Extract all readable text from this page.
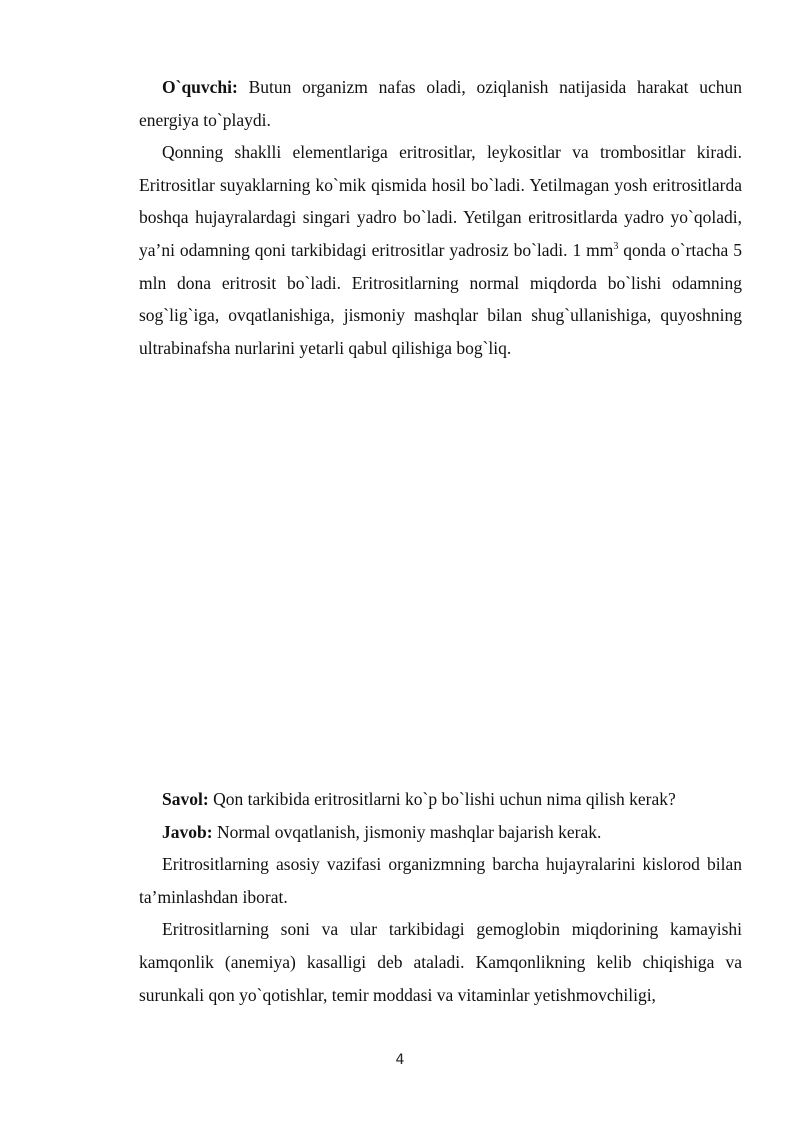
O`quvchi: Butun organizm nafas oladi, oziqlanish natijasida harakat uchun energiya to`playdi.

Qonning shaklli elementlariga eritrositlar, leykositlar va trombositlar kiradi. Eritrositlar suyaklarning ko`mik qismida hosil bo`ladi. Yetilmagan yosh eritrositlarda boshqa hujayralardagi singari yadro bo`ladi. Yetilgan eritrositlarda yadro yo`qoladi, ya’ni odamning qoni tarkibidagi eritrositlar yadrosiz bo`ladi. 1 $mm^3$ qonda o`rtacha 5 mln dona eritrosit bo`ladi. Eritrositlarning normal miqdorda bo`lishi odamning sog`lig`iga, ovqatlanishiga, jismoniy mashqlar bilan shug`ullanishiga, quyoshning ultrabinafsha nurlarini yetarli qabul qilishiga bog`liq.

Savol: Qon tarkibida eritrositlarni ko`p bo`lishi uchun nima qilish kerak?

Javob: Normal ovqatlanish, jismoniy mashqlar bajarish kerak.

Eritrositlarning asosiy vazifasi organizmning barcha hujayralarini kislorod bilan ta’minlashdan iborat.

Eritrositlarning soni va ular tarkibidagi gemoglobin miqdorining kamayishi kamqonlik (anemiya) kasalligi deb ataladi. Kamqonlikning kelib chiqishiga va surunkali qon yo`qotishlar, temir moddasi va vitaminlar yetishmovchiligi,

4
